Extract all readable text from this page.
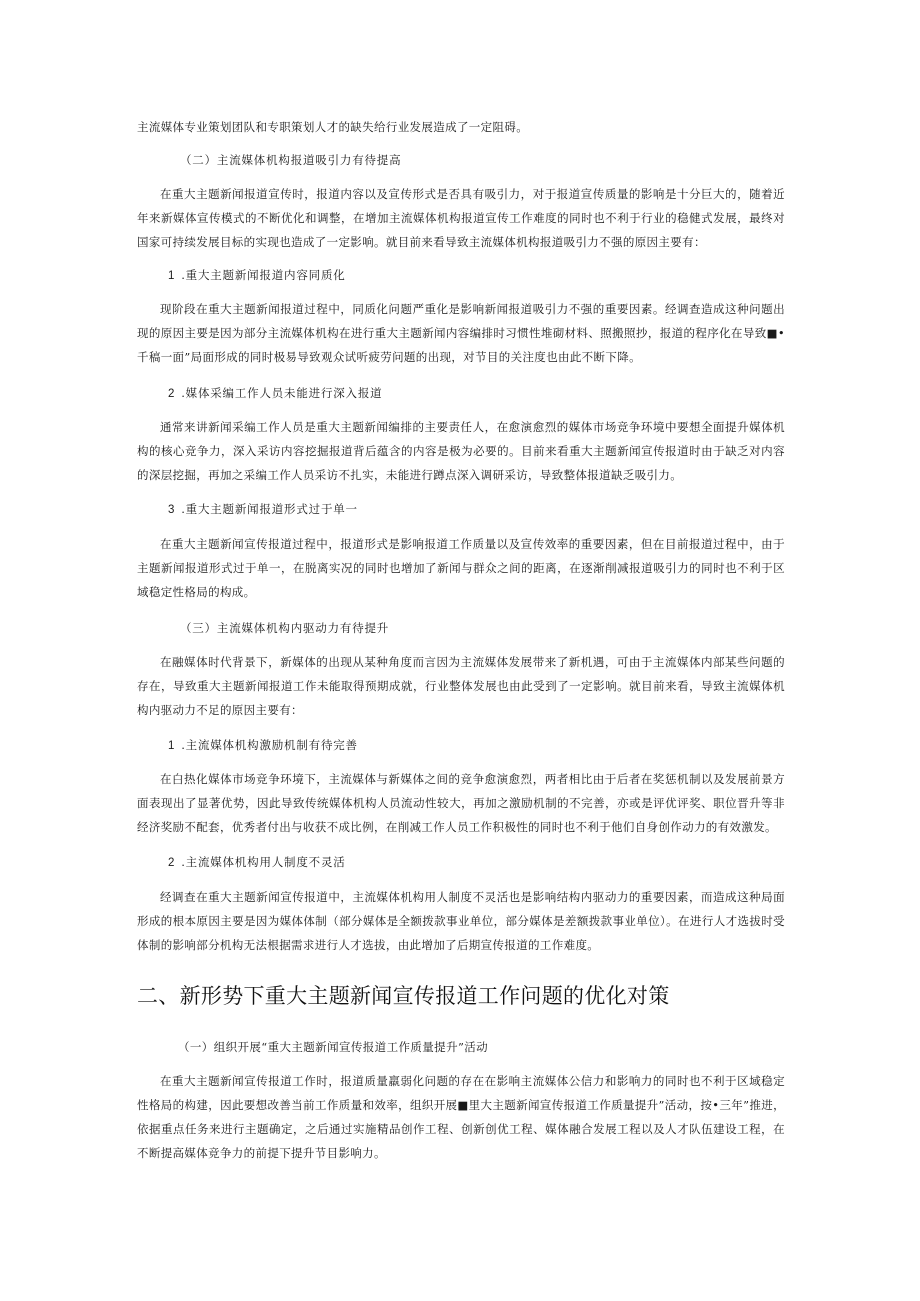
主流媒体专业策划团队和专职策划人才的缺失给行业发展造成了一定阻碍。

（二）主流媒体机构报道吸引力有待提高

在重大主题新闻报道宣传时，报道内容以及宣传形式是否具有吸引力，对于报道宣传质量的影响是十分巨大的，随着近年来新媒体宣传模式的不断优化和调整，在增加主流媒体机构报道宣传工作难度的同时也不利于行业的稳健式发展，最终对国家可持续发展目标的实现也造成了一定影响。就目前来看导致主流媒体机构报道吸引力不强的原因主要有：

1 .重大主题新闻报道内容同质化

现阶段在重大主题新闻报道过程中，同质化问题严重化是影响新闻报道吸引力不强的重要因素。经调查造成这种问题出现的原因主要是因为部分主流媒体机构在进行重大主题新闻内容编排时习惯性堆砌材料、照搬照抄，报道的程序化在导致■•千稿一面”局面形成的同时极易导致观众试听疲劳问题的出现，对节目的关注度也由此不断下降。

2 .媒体采编工作人员未能进行深入报道

通常来讲新闻采编工作人员是重大主题新闻编排的主要责任人，在愈演愈烈的媒体市场竞争环境中要想全面提升媒体机构的核心竞争力，深入采访内容挖掘报道背后蕴含的内容是极为必要的。目前来看重大主题新闻宣传报道时由于缺乏对内容的深层挖掘，再加之采编工作人员采访不扎实，未能进行蹲点深入调研采访，导致整体报道缺乏吸引力。

3 .重大主题新闻报道形式过于单一

在重大主题新闻宣传报道过程中，报道形式是影响报道工作质量以及宣传效率的重要因素，但在目前报道过程中，由于主题新闻报道形式过于单一，在脱离实况的同时也增加了新闻与群众之间的距离，在逐渐削减报道吸引力的同时也不利于区域稳定性格局的构成。

（三）主流媒体机构内驱动力有待提升

在融媒体时代背景下，新媒体的出现从某种角度而言因为主流媒体发展带来了新机遇，可由于主流媒体内部某些问题的存在，导致重大主题新闻报道工作未能取得预期成就，行业整体发展也由此受到了一定影响。就目前来看，导致主流媒体机构内驱动力不足的原因主要有：

1 .主流媒体机构激励机制有待完善

在白热化媒体市场竞争环境下，主流媒体与新媒体之间的竞争愈演愈烈，两者相比由于后者在奖惩机制以及发展前景方面表现出了显著优势，因此导致传统媒体机构人员流动性较大，再加之激励机制的不完善，亦或是评优评奖、职位晋升等非经济奖励不配套，优秀者付出与收获不成比例，在削减工作人员工作积极性的同时也不利于他们自身创作动力的有效激发。

2 .主流媒体机构用人制度不灵活

经调查在重大主题新闻宣传报道中，主流媒体机构用人制度不灵活也是影响结构内驱动力的重要因素，而造成这种局面形成的根本原因主要是因为媒体体制（部分媒体是全额拨款事业单位，部分媒体是差额拨款事业单位）。在进行人才选拔时受体制的影响部分机构无法根据需求进行人才选拔，由此增加了后期宣传报道的工作难度。

二、新形势下重大主题新闻宣传报道工作问题的优化对策

（一）组织开展“重大主题新闻宣传报道工作质量提升”活动

在重大主题新闻宣传报道工作时，报道质量羸弱化问题的存在在影响主流媒体公信力和影响力的同时也不利于区域稳定性格局的构建，因此要想改善当前工作质量和效率，组织开展■里大主题新闻宣传报道工作质量提升”活动，按•三年”推进，依据重点任务来进行主题确定，之后通过实施精品创作工程、创新创优工程、媒体融合发展工程以及人才队伍建设工程，在不断提高媒体竞争力的前提下提升节目影响力。
